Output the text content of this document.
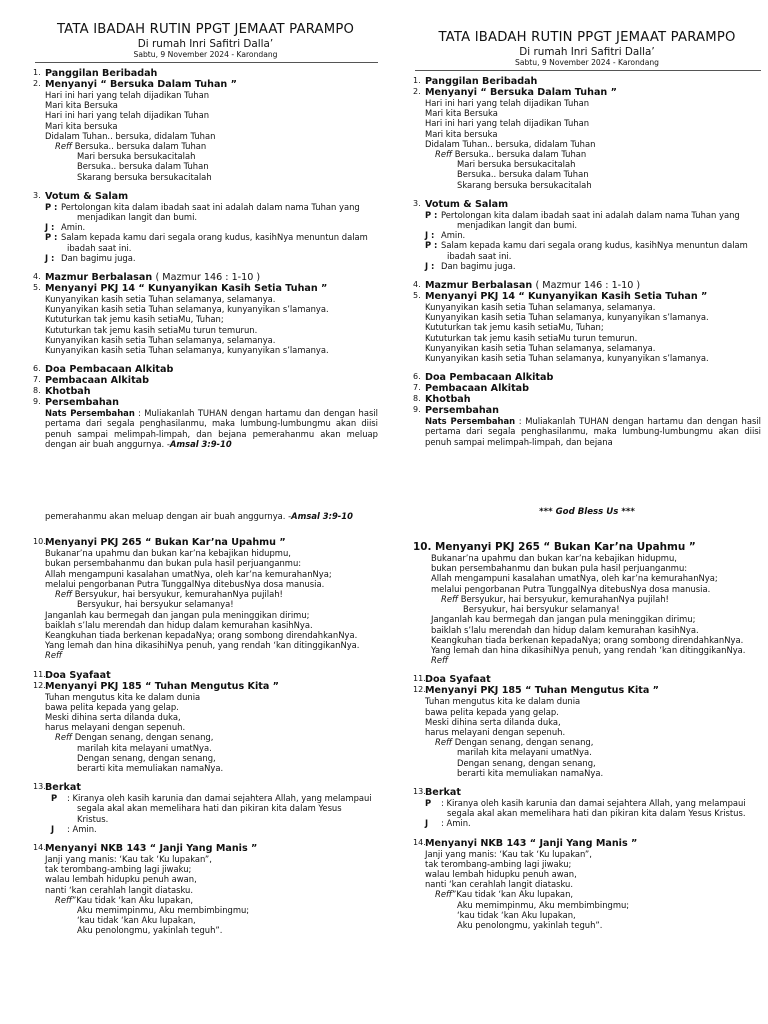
TATA IBADAH RUTIN PPGT JEMAAT PARAMPO
Di rumah Inri Safitri Dallaʼ
Sabtu, 9 November 2024 - Karondang
1. Panggilan Beribadah
2. Menyanyi “ Bersuka Dalam Tuhan ”
Hari ini hari yang telah dijadikan Tuhan
Mari kita Bersuka
Hari ini hari yang telah dijadikan Tuhan
Mari kita bersuka
Didalam Tuhan.. bersuka, didalam Tuhan
Reff Bersuka.. bersuka dalam Tuhan
Mari bersuka bersukacitalah
Bersuka.. bersuka dalam Tuhan
Skarang bersuka bersukacitalah
3. Votum & Salam
P : Pertolongan kita dalam ibadah saat ini adalah dalam nama Tuhan yang
menjadikan langit dan bumi.
J : Amin.
P : Salam kepada kamu dari segala orang kudus, kasihNya menuntun dalam
ibadah saat ini.
J : Dan bagimu juga.
4. Mazmur Berbalasan ( Mazmur 146 : 1-10 )
5. Menyanyi PKJ 14 “ Kunyanyikan Kasih Setia Tuhan ”
Kunyanyikan kasih setia Tuhan selamanya, selamanya.
Kunyanyikan kasih setia Tuhan selamanya, kunyanyikan s’lamanya.
Kututurkan tak jemu kasih setiaMu, Tuhan;
Kututurkan tak jemu kasih setiaMu turun temurun.
Kunyanyikan kasih setia Tuhan selamanya, selamanya.
Kunyanyikan kasih setia Tuhan selamanya, kunyanyikan s’lamanya.
6. Doa Pembacaan Alkitab
7. Pembacaan Alkitab
8. Khotbah
9. Persembahan
Nats Persembahan : Muliakanlah TUHAN dengan hartamu dan dengan hasil pertama dari segala penghasilanmu, maka lumbung-lumbungmu akan diisi penuh sampai melimpah-limpah, dan bejana pemerahanmu akan meluap dengan air buah anggurnya. -Amsal 3:9-10
pemerahanmu akan meluap dengan air buah anggurnya. -Amsal 3:9-10
10. Menyanyi PKJ 265 “ Bukan Kar’na Upahmu ”
Bukanar’na upahmu dan bukan kar’na kebajikan hidupmu,
bukan persembahanmu dan bukan pula hasil perjuanganmu:
Allah mengampuni kasalahan umatNya, oleh kar’na kemurahanNya;
melalui pengorbanan Putra TunggalNya ditebusNya dosa manusia.
Reff Bersyukur, hai bersyukur, kemurahanNya pujilah!
Bersyukur, hai bersyukur selamanya!
Janganlah kau bermegah dan jangan pula meninggikan dirimu;
baiklah s’lalu merendah dan hidup dalam kemurahan kasihNya.
Keangkuhan tiada berkenan kepadaNya; orang sombong direndahkanNya.
Yang lemah dan hina dikasihiNya penuh, yang rendah ‘kan ditinggikanNya.
Reff
11. Doa Syafaat
12. Menyanyi PKJ 185 “ Tuhan Mengutus Kita ”
Tuhan mengutus kita ke dalam dunia
bawa pelita kepada yang gelap.
Meski dihina serta dilanda duka,
harus melayani dengan sepenuh.
Reff Dengan senang, dengan senang,
marilah kita melayani umatNya.
Dengan senang, dengan senang,
berarti kita memuliakan namaNya.
13. Berkat
P	: Kiranya oleh kasih karunia dan damai sejahtera Allah, yang melampaui
segala akal akan memelihara hati dan pikiran kita dalam Yesus
Kristus.
J	: Amin.
14. Menyanyi NKB 143 “ Janji Yang Manis ”
Janji yang manis: ‘Kau tak ‘Ku lupakan”,
tak terombang-ambing lagi jiwaku;
walau lembah hidupku penuh awan,
nanti ‘kan cerahlah langit diatasku.
Reff”Kau tidak ‘kan Aku lupakan,
Aku memimpinmu, Aku membimbingmu;
‘kau tidak ‘kan Aku lupakan,
Aku penolongmu, yakinlah teguh”.
TATA IBADAH RUTIN PPGT JEMAAT PARAMPO
Di rumah Inri Safitri Dallaʼ
Sabtu, 9 November 2024 - Karondang
1. Panggilan Beribadah
2. Menyanyi “ Bersuka Dalam Tuhan ”
Hari ini hari yang telah dijadikan Tuhan
Mari kita Bersuka
Hari ini hari yang telah dijadikan Tuhan
Mari kita bersuka
Didalam Tuhan.. bersuka, didalam Tuhan
Reff Bersuka.. bersuka dalam Tuhan
Mari bersuka bersukacitalah
Bersuka.. bersuka dalam Tuhan
Skarang bersuka bersukacitalah
3. Votum & Salam
P : Pertolongan kita dalam ibadah saat ini adalah dalam nama Tuhan yang
menjadikan langit dan bumi.
J : Amin.
P : Salam kepada kamu dari segala orang kudus, kasihNya menuntun dalam
ibadah saat ini.
J : Dan bagimu juga.
4. Mazmur Berbalasan ( Mazmur 146 : 1-10 )
5. Menyanyi PKJ 14 “ Kunyanyikan Kasih Setia Tuhan ”
Kunyanyikan kasih setia Tuhan selamanya, selamanya.
Kunyanyikan kasih setia Tuhan selamanya, kunyanyikan s’lamanya.
Kututurkan tak jemu kasih setiaMu, Tuhan;
Kututurkan tak jemu kasih setiaMu turun temurun.
Kunyanyikan kasih setia Tuhan selamanya, selamanya.
Kunyanyikan kasih setia Tuhan selamanya, kunyanyikan s’lamanya.
6. Doa Pembacaan Alkitab
7. Pembacaan Alkitab
8. Khotbah
9. Persembahan
Nats Persembahan : Muliakanlah TUHAN dengan hartamu dan dengan hasil pertama dari segala penghasilanmu, maka lumbung-lumbungmu akan diisi penuh sampai melimpah-limpah, dan bejana
*** God Bless Us ***
10. Menyanyi PKJ 265 “ Bukan Kar’na Upahmu ”
Bukanar’na upahmu dan bukan kar’na kebajikan hidupmu,
bukan persembahanmu dan bukan pula hasil perjuanganmu:
Allah mengampuni kasalahan umatNya, oleh kar’na kemurahanNya;
melalui pengorbanan Putra TunggalNya ditebusNya dosa manusia.
Reff Bersyukur, hai bersyukur, kemurahanNya pujilah!
Bersyukur, hai bersyukur selamanya!
Janganlah kau bermegah dan jangan pula meninggikan dirimu;
baiklah s’lalu merendah dan hidup dalam kemurahan kasihNya.
Keangkuhan tiada berkenan kepadaNya; orang sombong direndahkanNya.
Yang lemah dan hina dikasihiNya penuh, yang rendah ‘kan ditinggikanNya.
Reff
11. Doa Syafaat
12. Menyanyi PKJ 185 “ Tuhan Mengutus Kita ”
Tuhan mengutus kita ke dalam dunia
bawa pelita kepada yang gelap.
Meski dihina serta dilanda duka,
harus melayani dengan sepenuh.
Reff Dengan senang, dengan senang,
marilah kita melayani umatNya.
Dengan senang, dengan senang,
berarti kita memuliakan namaNya.
13. Berkat
P	: Kiranya oleh kasih karunia dan damai sejahtera Allah, yang melampaui
segala akal akan memelihara hati dan pikiran kita dalam Yesus Kristus.
J	: Amin.
14. Menyanyi NKB 143 “ Janji Yang Manis ”
Janji yang manis: ‘Kau tak ‘Ku lupakan”,
tak terombang-ambing lagi jiwaku;
walau lembah hidupku penuh awan,
nanti ‘kan cerahlah langit diatasku.
Reff”Kau tidak ‘kan Aku lupakan,
Aku memimpinmu, Aku membimbingmu;
‘kau tidak ‘kan Aku lupakan,
Aku penolongmu, yakinlah teguh”.
